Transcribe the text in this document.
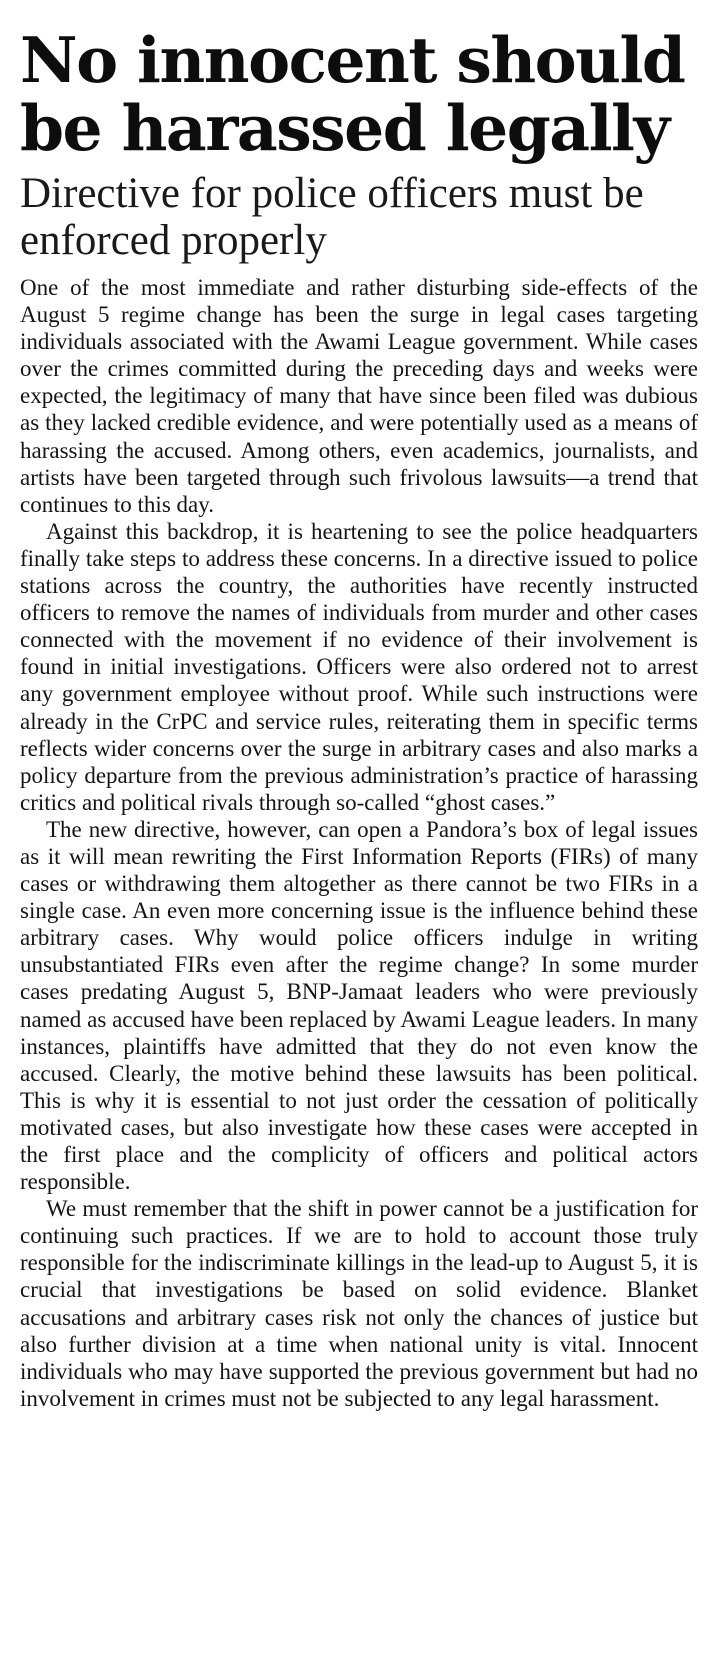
No innocent should be harassed legally
Directive for police officers must be enforced properly

One of the most immediate and rather disturbing side-effects of the August 5 regime change has been the surge in legal cases targeting individuals associated with the Awami League government. While cases over the crimes committed during the preceding days and weeks were expected, the legitimacy of many that have since been filed was dubious as they lacked credible evidence, and were potentially used as a means of harassing the accused. Among others, even academics, journalists, and artists have been targeted through such frivolous lawsuits—a trend that continues to this day.

Against this backdrop, it is heartening to see the police headquarters finally take steps to address these concerns. In a directive issued to police stations across the country, the authorities have recently instructed officers to remove the names of individuals from murder and other cases connected with the movement if no evidence of their involvement is found in initial investigations. Officers were also ordered not to arrest any government employee without proof. While such instructions were already in the CrPC and service rules, reiterating them in specific terms reflects wider concerns over the surge in arbitrary cases and also marks a policy departure from the previous administration’s practice of harassing critics and political rivals through so-called “ghost cases.”

The new directive, however, can open a Pandora’s box of legal issues as it will mean rewriting the First Information Reports (FIRs) of many cases or withdrawing them altogether as there cannot be two FIRs in a single case. An even more concerning issue is the influence behind these arbitrary cases. Why would police officers indulge in writing unsubstantiated FIRs even after the regime change? In some murder cases predating August 5, BNP-Jamaat leaders who were previously named as accused have been replaced by Awami League leaders. In many instances, plaintiffs have admitted that they do not even know the accused. Clearly, the motive behind these lawsuits has been political. This is why it is essential to not just order the cessation of politically motivated cases, but also investigate how these cases were accepted in the first place and the complicity of officers and political actors responsible.

We must remember that the shift in power cannot be a justification for continuing such practices. If we are to hold to account those truly responsible for the indiscriminate killings in the lead-up to August 5, it is crucial that investigations be based on solid evidence. Blanket accusations and arbitrary cases risk not only the chances of justice but also further division at a time when national unity is vital. Innocent individuals who may have supported the previous government but had no involvement in crimes must not be subjected to any legal harassment.
